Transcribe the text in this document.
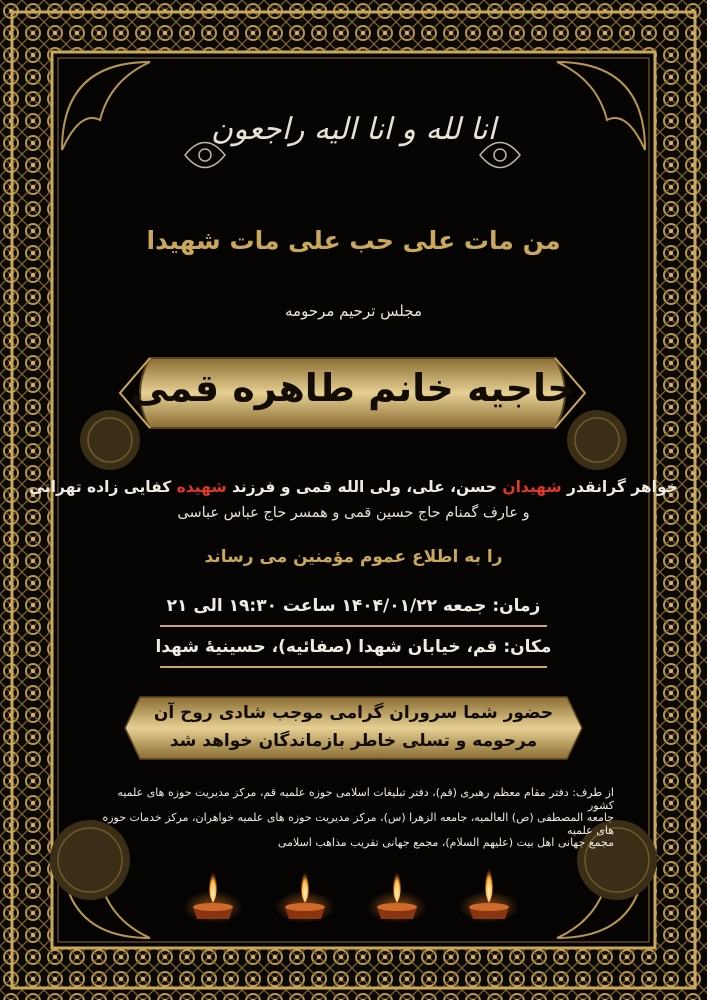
انا لله و انا الیه راجعون
من مات علی حب علی مات شهیدا
مجلس ترحیم مرحومه
حاجیه خانم طاهره قمی
خواهر گرانقدر شهیدان حسن، علی، ولی الله قمی و فرزند شهیده کفایی زاده تهرانی
و عارف گمنام حاج حسین قمی و همسر حاج عباس عباسی
را به اطلاع عموم مؤمنین می رساند
زمان: جمعه ۱۴۰۴/۰۱/۲۲ ساعت ۱۹:۳۰ الی ۲۱
مکان: قم، خیابان شهدا (صفائیه)، حسینیهٔ شهدا
حضور شما سروران گرامی موجب شادی روح آن
مرحومه و تسلی خاطر بازماندگان خواهد شد
از طرف: دفتر مقام معظم رهبری (قم)، دفتر تبلیغات اسلامی حوزه علمیه قم، مرکز مدیریت حوزه های علمیه کشور
جامعه المصطفی (ص) العالمیه، جامعه الزهرا (س)، مرکز مدیریت حوزه های علمیه خواهران، مرکز خدمات حوزه های علمیه
مجمع جهانی اهل بیت (علیهم السلام)، مجمع جهانی تقریب مذاهب اسلامی
